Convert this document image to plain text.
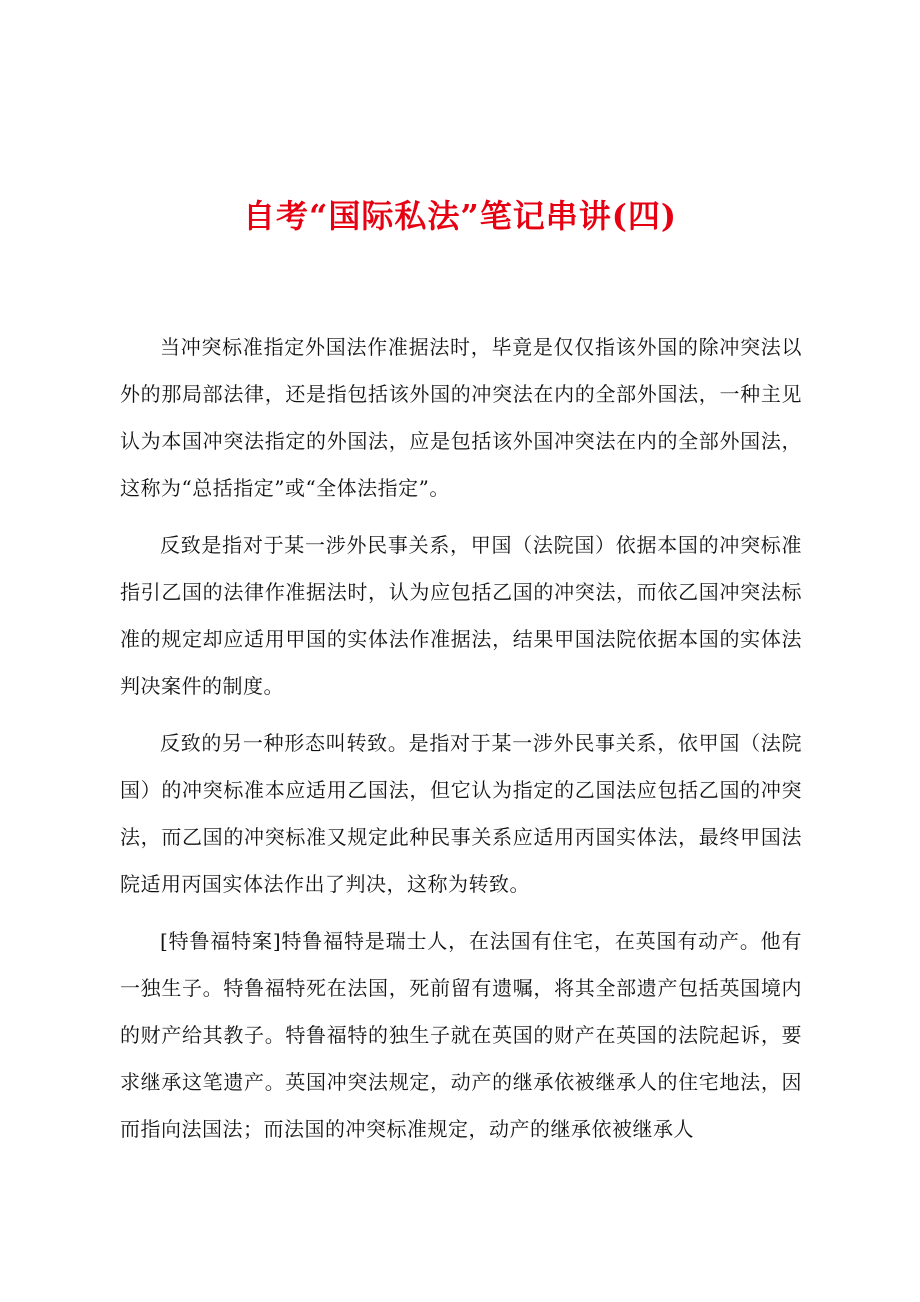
自考“国际私法”笔记串讲(四)

当冲突标准指定外国法作准据法时，毕竟是仅仅指该外国的除冲突法以外的那局部法律，还是指包括该外国的冲突法在内的全部外国法，一种主见认为本国冲突法指定的外国法，应是包括该外国冲突法在内的全部外国法，这称为“总括指定”或“全体法指定”。

反致是指对于某一涉外民事关系，甲国（法院国）依据本国的冲突标准指引乙国的法律作准据法时，认为应包括乙国的冲突法，而依乙国冲突法标准的规定却应适用甲国的实体法作准据法，结果甲国法院依据本国的实体法判决案件的制度。

反致的另一种形态叫转致。是指对于某一涉外民事关系，依甲国（法院国）的冲突标准本应适用乙国法，但它认为指定的乙国法应包括乙国的冲突法，而乙国的冲突标准又规定此种民事关系应适用丙国实体法，最终甲国法院适用丙国实体法作出了判决，这称为转致。

[特鲁福特案]特鲁福特是瑞士人，在法国有住宅，在英国有动产。他有一独生子。特鲁福特死在法国，死前留有遗嘱，将其全部遗产包括英国境内的财产给其教子。特鲁福特的独生子就在英国的财产在英国的法院起诉，要求继承这笔遗产。英国冲突法规定，动产的继承依被继承人的住宅地法，因而指向法国法；而法国的冲突标准规定，动产的继承依被继承人
